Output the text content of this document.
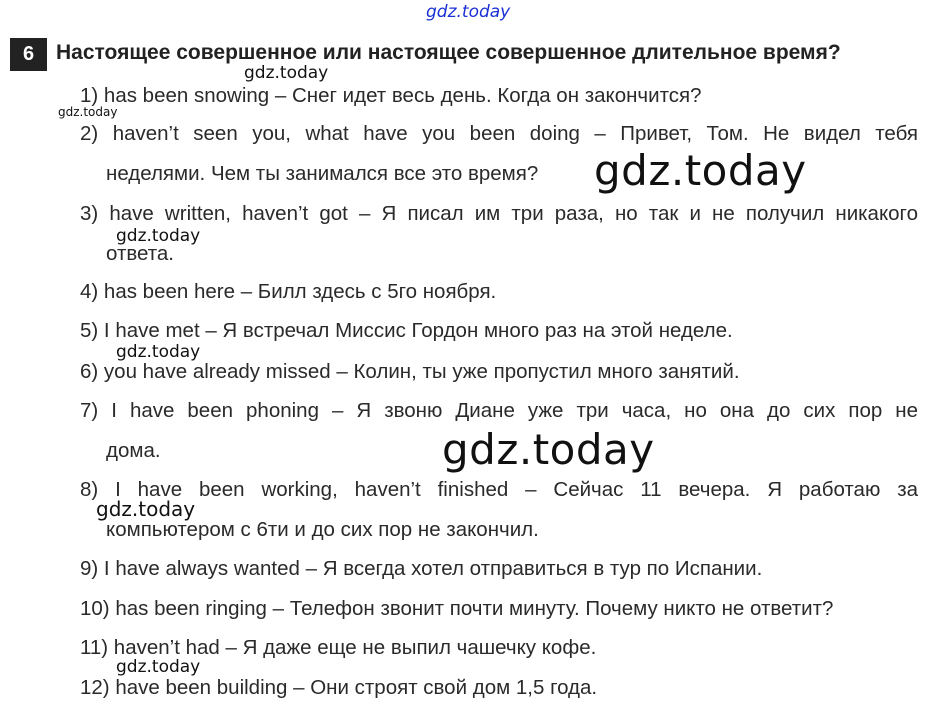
gdz.today
6	Настоящее совершенное или настоящее совершенное длительное время?
gdz.today
gdz.today
1) has been snowing – Снег идет весь день. Когда он закончится?
2) haven’t seen you, what have you been doing – Привет, Том. Не видел тебя
неделями. Чем ты занимался все это время?	gdz.today
3) have written, haven’t got – Я писал им три раза, но так и не получил никакого
ответа.
gdz.today
4) has been here – Билл здесь с 5го ноября.
5) I have met – Я встречал Миссис Гордон много раз на этой неделе.
gdz.today
6) you have already missed – Колин, ты уже пропустил много занятий.
7) I have been phoning – Я звоню Диане уже три часа, но она до сих пор не
дома.	gdz.today
8) I have been working, haven’t finished – Сейчас 11 вечера. Я работаю за
компьютером с 6ти и до сих пор не закончил.
gdz.today
9) I have always wanted – Я всегда хотел отправиться в тур по Испании.
10) has been ringing – Телефон звонит почти минуту. Почему никто не ответит?
11) haven’t had – Я даже еще не выпил чашечку кофе.
gdz.today
12) have been building – Они строят свой дом 1,5 года.
